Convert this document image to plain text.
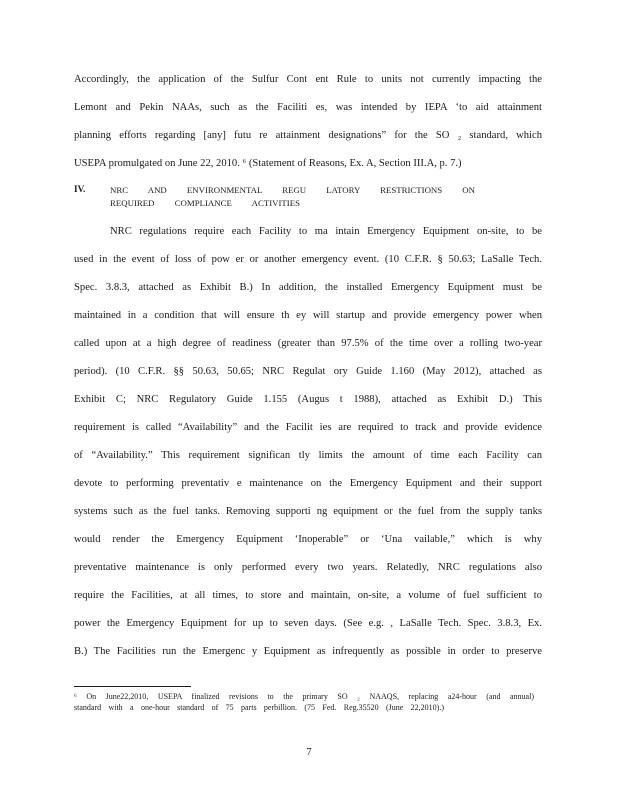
Accordingly, the application of the Sulfur Cont ent Rule to units not currently impacting the
Lemont and Pekin NAAs, such as the Faciliti es, was intended by IEPA ‘to aid attainment
planning efforts regarding [any] futu re attainment designations” for the SO ₂ standard, which
USEPA promulgated on June 22, 2010. ⁶ (Statement of Reasons, Ex. A, Section III.A, p. 7.)
IV.	NRC AND ENVIRONMENTAL REGU LATORY RESTRICTIONS ON
REQUIRED COMPLIANCE ACTIVITIES
NRC regulations require each Facility to ma intain Emergency Equipment on-site, to be
used in the event of loss of pow er or another emergency event. (10 C.F.R. § 50.63; LaSalle Tech.
Spec. 3.8.3, attached as Exhibit B.) In addition, the installed Emergency Equipment must be
maintained in a condition that will ensure th ey will startup and provide emergency power when
called upon at a high degree of readiness (greater than 97.5% of the time over a rolling two-year
period). (10 C.F.R. §§ 50.63, 50.65; NRC Regulat ory Guide 1.160 (May 2012), attached as
Exhibit C; NRC Regulatory Guide 1.155 (Augus t 1988), attached as Exhibit D.) This
requirement is called “Availability” and the Facilit ies are required to track and provide evidence
of “Availability.” This requirement significan tly limits the amount of time each Facility can
devote to performing preventativ e maintenance on the Emergency Equipment and their support
systems such as the fuel tanks. Removing supporti ng equipment or the fuel from the supply tanks
would render the Emergency Equipment ‘Inoperable” or ‘Una vailable,” which is why
preventative maintenance is only performed every two years. Relatedly, NRC regulations also
require the Facilities, at all times, to store and maintain, on-site, a volume of fuel sufficient to
power the Emergency Equipment for up to seven days. (See e.g. , LaSalle Tech. Spec. 3.8.3, Ex.
B.) The Facilities run the Emergenc y Equipment as infrequently as possible in order to preserve
⁶ On June22,2010, USEPA finalized revisions to the primary SO ₂ NAAQS, replacing a24-hour (and annual)
standard with a one-hour standard of 75 parts perbillion. (75 Fed. Reg.35520 (June 22,2010).)
7
